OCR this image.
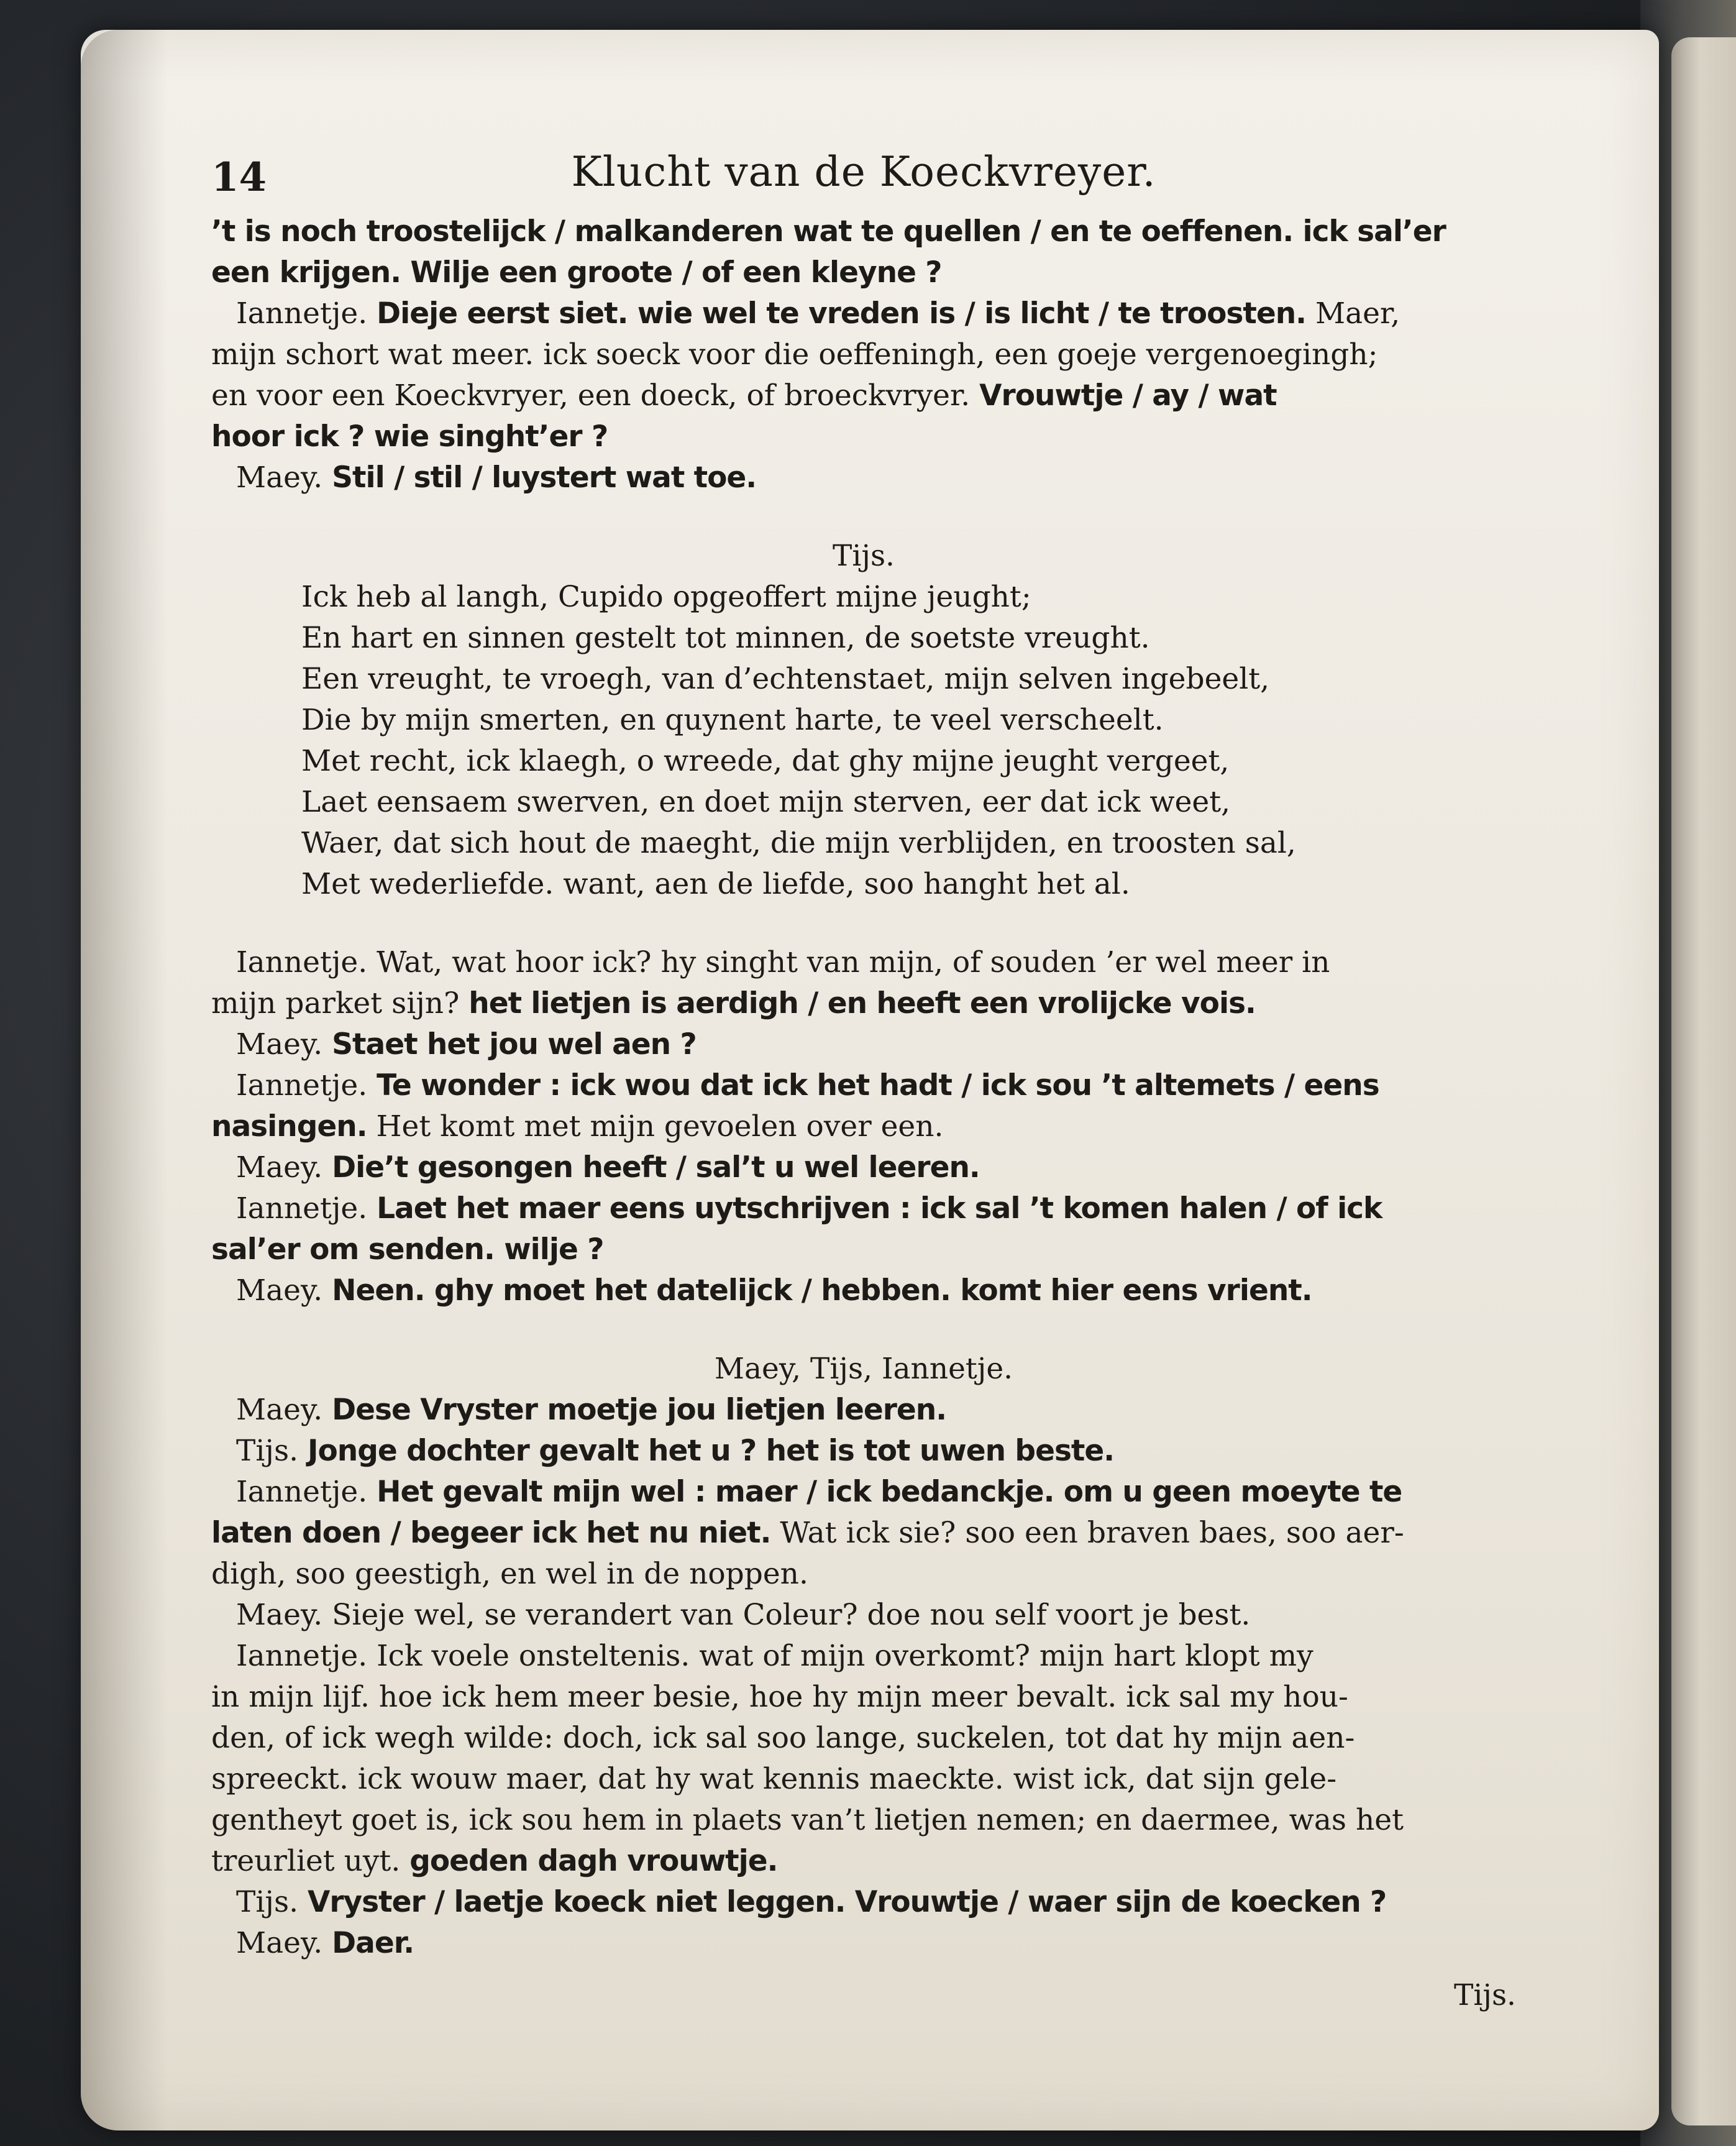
14	Klucht van de Koeckvreyer.

’t is noch troostelijck / malkanderen wat te quellen / en te oeffenen. ick sal’er

een krijgen. Wilje een groote / of een kleyne ?

Iannetje. Dieje eerst siet. wie wel te vreden is / is licht / te troosten. Maer,

mijn schort wat meer. ick soeck voor die oeffeningh, een goeje vergenoegingh;

en voor een Koeckvryer, een doeck, of broeckvryer. Vrouwtje / ay / wat

hoor ick ? wie singht’er ?

Maey. Stil / stil / luystert wat toe.

Tijs.
Ick heb al langh, Cupido opgeoffert mijne jeught;
En hart en sinnen gestelt tot minnen, de soetste vreught.
Een vreught, te vroegh, van d’echtenstaet, mijn selven ingebeelt,
Die by mijn smerten, en quynent harte, te veel verscheelt.
Met recht, ick klaegh, o wreede, dat ghy mijne jeught vergeet,
Laet eensaem swerven, en doet mijn sterven, eer dat ick weet,
Waer, dat sich hout de maeght, die mijn verblijden, en troosten sal,
Met wederliefde. want, aen de liefde, soo hanght het al.

Iannetje. Wat, wat hoor ick? hy singht van mijn, of souden ’er wel meer in

mijn parket sijn? het lietjen is aerdigh / en heeft een vrolijcke vois.

Maey. Staet het jou wel aen ?

Iannetje. Te wonder : ick wou dat ick het hadt / ick sou ’t altemets / eens

nasingen. Het komt met mijn gevoelen over een.

Maey. Die’t gesongen heeft / sal’t u wel leeren.

Iannetje. Laet het maer eens uytschrijven : ick sal ’t komen halen / of ick

sal’er om senden. wilje ?

Maey. Neen. ghy moet het datelijck / hebben. komt hier eens vrient.

Maey, Tijs, Iannetje.

Maey. Dese Vryster moetje jou lietjen leeren.

Tijs. Jonge dochter gevalt het u ? het is tot uwen beste.

Iannetje. Het gevalt mijn wel : maer / ick bedanckje. om u geen moeyte te

laten doen / begeer ick het nu niet. Wat ick sie? soo een braven baes, soo aer-

digh, soo geestigh, en wel in de noppen.

Maey. Sieje wel, se verandert van Coleur? doe nou self voort je best.

Iannetje. Ick voele onsteltenis. wat of mijn overkomt? mijn hart klopt my

in mijn lijf. hoe ick hem meer besie, hoe hy mijn meer bevalt. ick sal my hou-

den, of ick wegh wilde: doch, ick sal soo lange, suckelen, tot dat hy mijn aen-

spreeckt. ick wouw maer, dat hy wat kennis maeckte. wist ick, dat sijn gele-

gentheyt goet is, ick sou hem in plaets van’t lietjen nemen; en daermee, was het

treurliet uyt. goeden dagh vrouwtje.

Tijs. Vryster / laetje koeck niet leggen. Vrouwtje / waer sijn de koecken ?

Maey. Daer.

Tijs.
